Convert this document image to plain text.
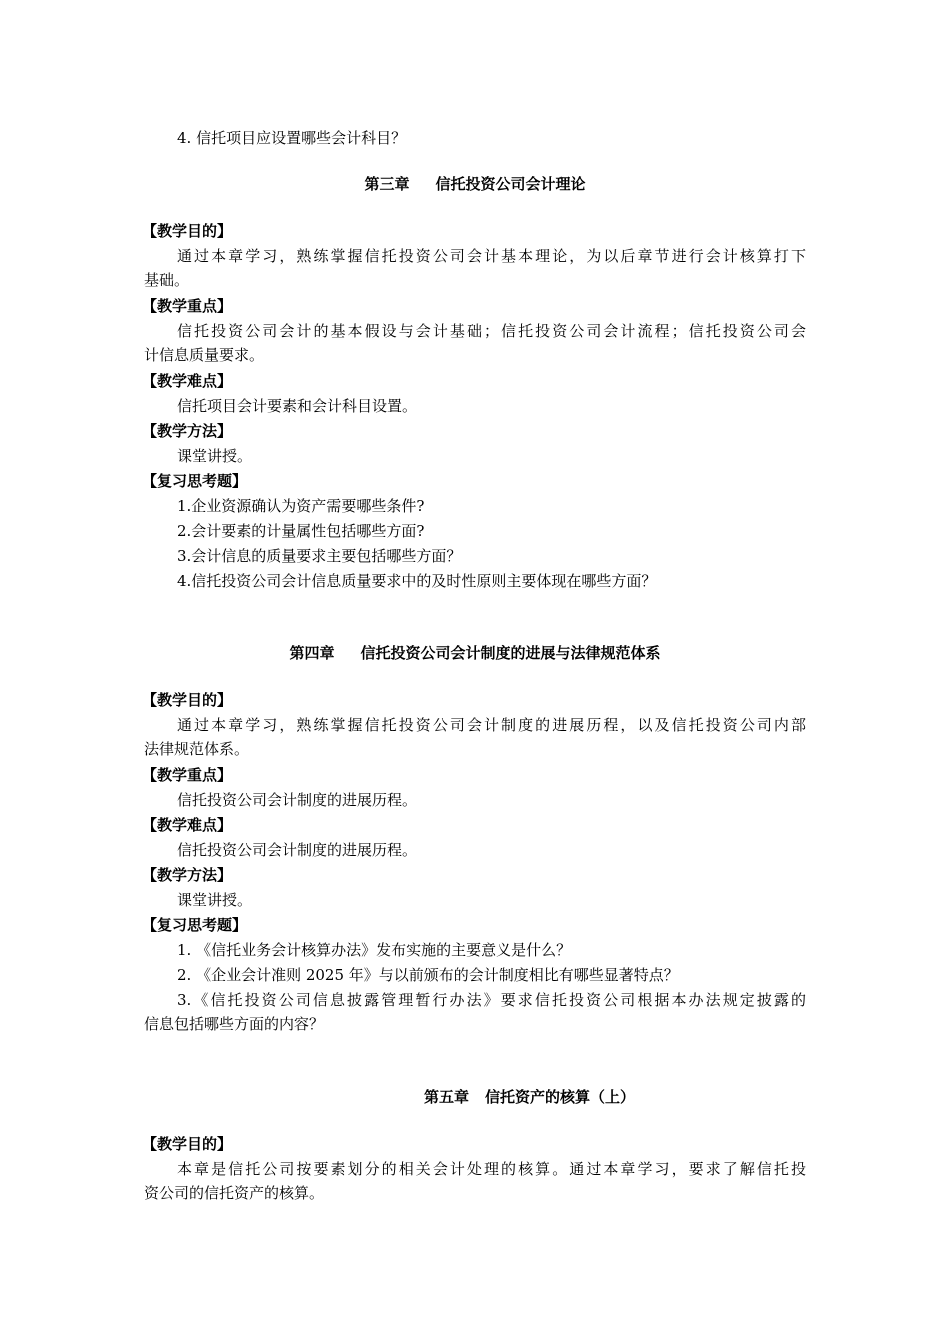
4. 信托项目应设置哪些会计科目？
第三章 信托投资公司会计理论
【教学目的】
通过本章学习，熟练掌握信托投资公司会计基本理论，为以后章节进行会计核算打下
基础。
【教学重点】
信托投资公司会计的基本假设与会计基础；信托投资公司会计流程；信托投资公司会
计信息质量要求。
【教学难点】
信托项目会计要素和会计科目设置。
【教学方法】
课堂讲授。
【复习思考题】
1.企业资源确认为资产需要哪些条件?
2.会计要素的计量属性包括哪些方面?
3.会计信息的质量要求主要包括哪些方面？
4.信托投资公司会计信息质量要求中的及时性原则主要体现在哪些方面？
第四章 信托投资公司会计制度的进展与法律规范体系
【教学目的】
通过本章学习，熟练掌握信托投资公司会计制度的进展历程，以及信托投资公司内部
法律规范体系。
【教学重点】
信托投资公司会计制度的进展历程。
【教学难点】
信托投资公司会计制度的进展历程。
【教学方法】
课堂讲授。
【复习思考题】
1. 《信托业务会计核算办法》发布实施的主要意义是什么？
2. 《企业会计准则 2025 年》与以前颁布的会计制度相比有哪些显著特点？
3.《信托投资公司信息披露管理暂行办法》要求信托投资公司根据本办法规定披露的
信息包括哪些方面的内容？
第五章 信托资产的核算（上）
【教学目的】
本章是信托公司按要素划分的相关会计处理的核算。通过本章学习，要求了解信托投
资公司的信托资产的核算。
